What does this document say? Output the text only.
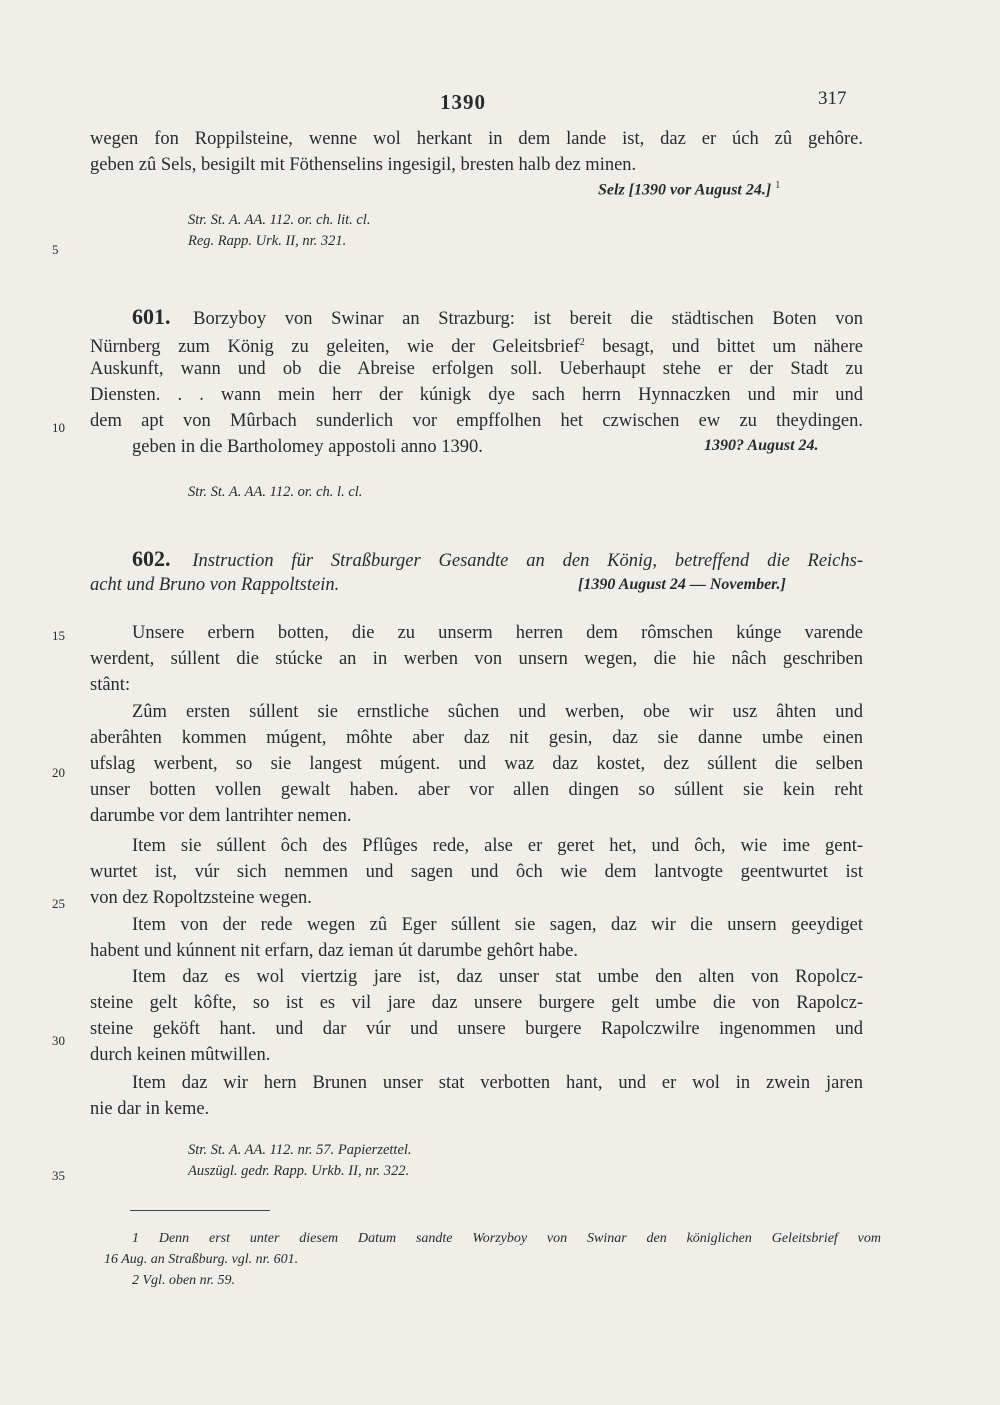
1390	317
5
10
15
20
25
30
35
wegen fon Roppilsteine, wenne wol herkant in dem lande ist, daz er úch zû gehôre.
geben zû Sels, besigilt mit Föthenselins ingesigil, bresten halb dez minen.
Selz [1390 vor August 24.] $^1$
Str. St. A. AA. 112. or. ch. lit. cl.
Reg. Rapp. Urk. II, nr. 321.
601. Borzyboy von Swinar an Strazburg: ist bereit die städtischen Boten von
Nürnberg zum König zu geleiten, wie der Geleitsbrief$^2$ besagt, und bittet um nähere
Auskunft, wann und ob die Abreise erfolgen soll. Ueberhaupt stehe er der Stadt zu
Diensten. . . wann mein herr der kúnigk dye sach herrn Hynnaczken und mir und
dem apt von Mûrbach sunderlich vor empffolhen het czwischen ew zu theydingen.
geben in die Bartholomey appostoli anno 1390.	1390? August 24.
Str. St. A. AA. 112. or. ch. l. cl.
602. Instruction für Straßburger Gesandte an den König, betreffend die Reichs-
acht und Bruno von Rappoltstein.	[1390 August 24 — November.]
Unsere erbern botten, die zu unserm herren dem rômschen kúnge varende
werdent, súllent die stúcke an in werben von unsern wegen, die hie nâch geschriben
stânt:
Zûm ersten súllent sie ernstliche sûchen und werben, obe wir usz âhten und
aberâhten kommen múgent, môhte aber daz nit gesin, daz sie danne umbe einen
ufslag werbent, so sie langest múgent. und waz daz kostet, dez súllent die selben
unser botten vollen gewalt haben. aber vor allen dingen so súllent sie kein reht
darumbe vor dem lantrihter nemen.
Item sie súllent ôch des Pflûges rede, alse er geret het, und ôch, wie ime gent-
wurtet ist, vúr sich nemmen und sagen und ôch wie dem lantvogte geentwurtet ist
von dez Ropoltzsteine wegen.
Item von der rede wegen zû Eger súllent sie sagen, daz wir die unsern geeydiget
habent und kúnnent nit erfarn, daz ieman út darumbe gehôrt habe.
Item daz es wol viertzig jare ist, daz unser stat umbe den alten von Ropolcz-
steine gelt kôfte, so ist es vil jare daz unsere burgere gelt umbe die von Rapolcz-
steine geköft hant. und dar vúr und unsere burgere Rapolczwilre ingenommen und
durch keinen mûtwillen.
Item daz wir hern Brunen unser stat verbotten hant, und er wol in zwein jaren
nie dar in keme.
Str. St. A. AA. 112. nr. 57. Papierzettel.
Auszügl. gedr. Rapp. Urkb. II, nr. 322.
1 Denn erst unter diesem Datum sandte Worzyboy von Swinar den königlichen Geleitsbrief vom
16 Aug. an Straßburg. vgl. nr. 601.
2 Vgl. oben nr. 59.
